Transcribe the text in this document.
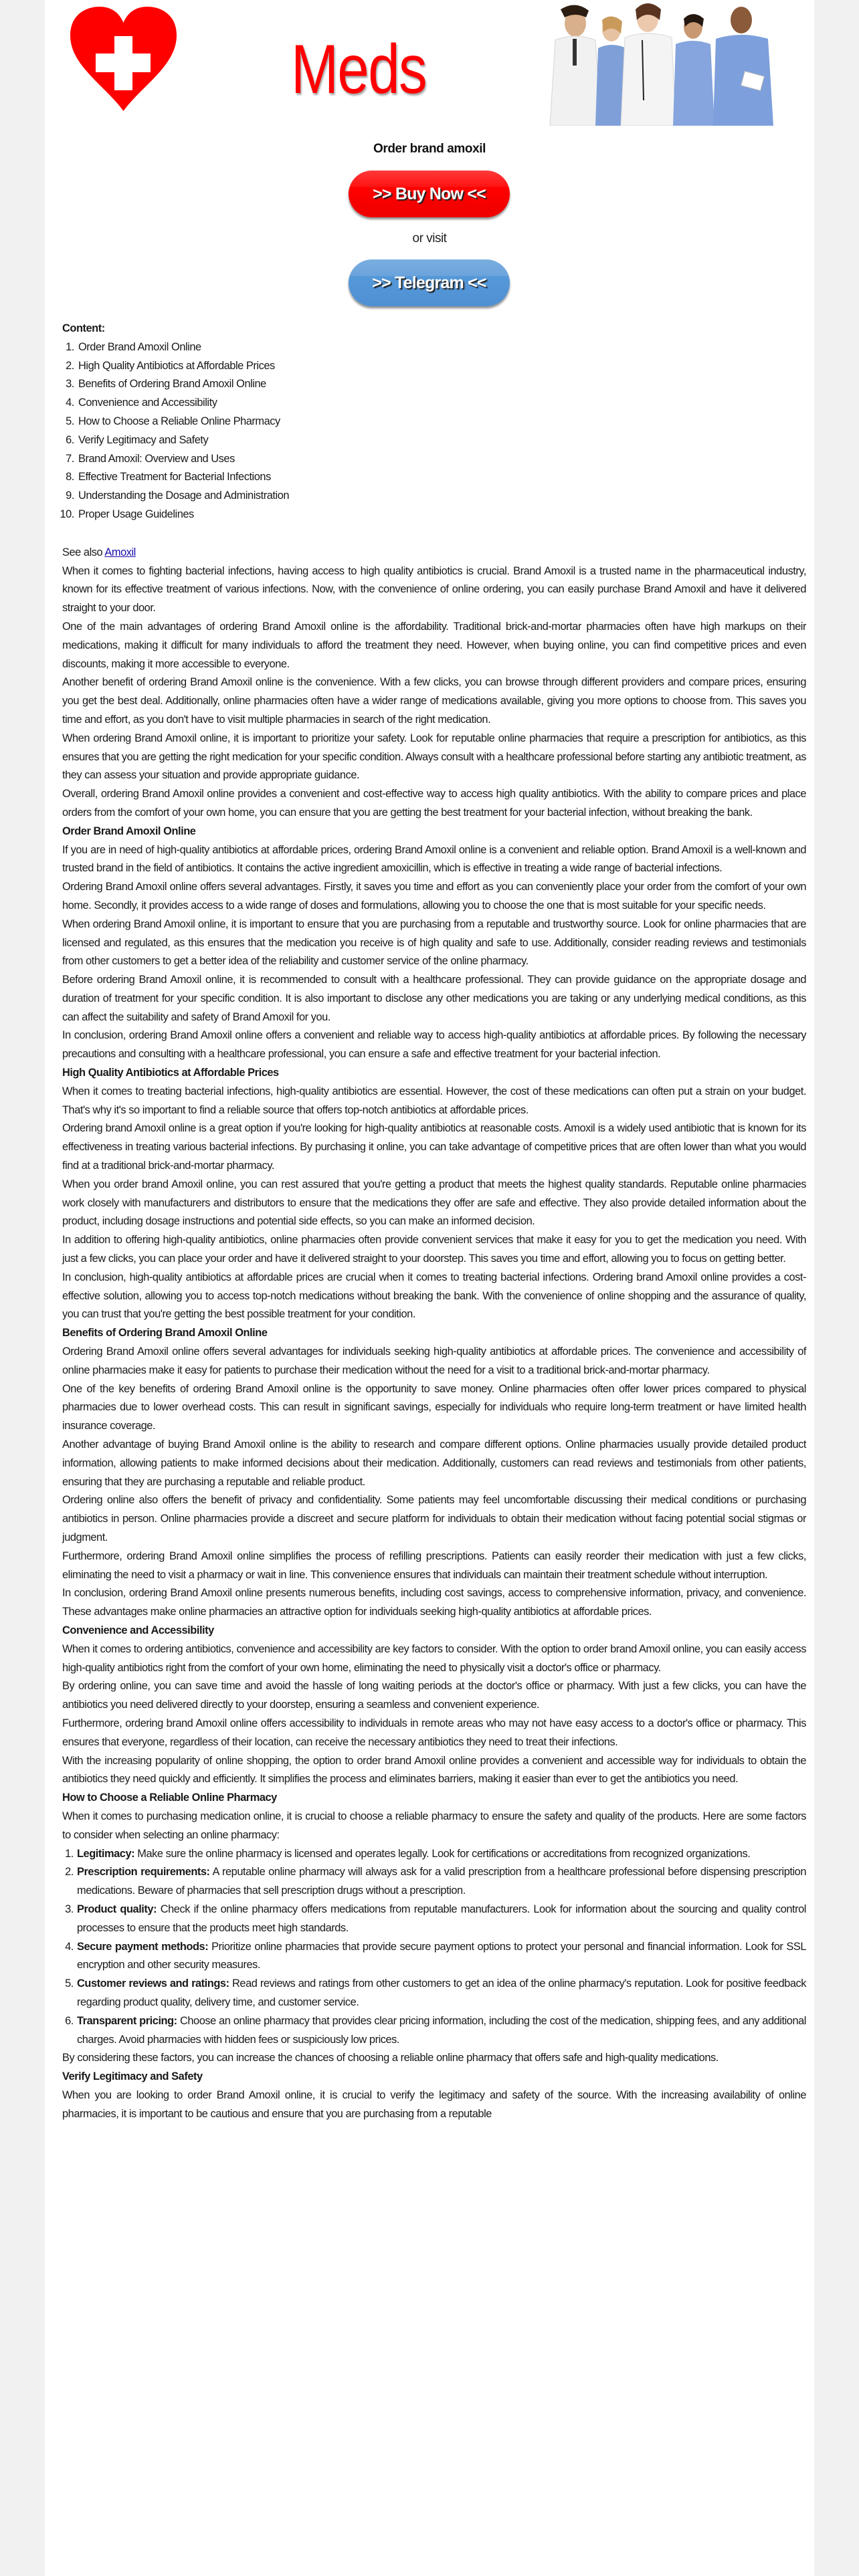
Meds
Order brand amoxil
>> Buy Now <<
or visit
>> Telegram <<

Content:

1. Order Brand Amoxil Online
2. High Quality Antibiotics at Affordable Prices
3. Benefits of Ordering Brand Amoxil Online
4. Convenience and Accessibility
5. How to Choose a Reliable Online Pharmacy
6. Verify Legitimacy and Safety
7. Brand Amoxil: Overview and Uses
8. Effective Treatment for Bacterial Infections
9. Understanding the Dosage and Administration
10. Proper Usage Guidelines

See also Amoxil

When it comes to fighting bacterial infections, having access to high quality antibiotics is crucial. Brand Amoxil is a trusted name in the pharmaceutical industry, known for its effective treatment of various infections. Now, with the convenience of online ordering, you can easily purchase Brand Amoxil and have it delivered straight to your door.

One of the main advantages of ordering Brand Amoxil online is the affordability. Traditional brick-and-mortar pharmacies often have high markups on their medications, making it difficult for many individuals to afford the treatment they need. However, when buying online, you can find competitive prices and even discounts, making it more accessible to everyone.

Another benefit of ordering Brand Amoxil online is the convenience. With a few clicks, you can browse through different providers and compare prices, ensuring you get the best deal. Additionally, online pharmacies often have a wider range of medications available, giving you more options to choose from. This saves you time and effort, as you don't have to visit multiple pharmacies in search of the right medication.

When ordering Brand Amoxil online, it is important to prioritize your safety. Look for reputable online pharmacies that require a prescription for antibiotics, as this ensures that you are getting the right medication for your specific condition. Always consult with a healthcare professional before starting any antibiotic treatment, as they can assess your situation and provide appropriate guidance.

Overall, ordering Brand Amoxil online provides a convenient and cost-effective way to access high quality antibiotics. With the ability to compare prices and place orders from the comfort of your own home, you can ensure that you are getting the best treatment for your bacterial infection, without breaking the bank.

Order Brand Amoxil Online

If you are in need of high-quality antibiotics at affordable prices, ordering Brand Amoxil online is a convenient and reliable option. Brand Amoxil is a well-known and trusted brand in the field of antibiotics. It contains the active ingredient amoxicillin, which is effective in treating a wide range of bacterial infections.

Ordering Brand Amoxil online offers several advantages. Firstly, it saves you time and effort as you can conveniently place your order from the comfort of your own home. Secondly, it provides access to a wide range of doses and formulations, allowing you to choose the one that is most suitable for your specific needs.

When ordering Brand Amoxil online, it is important to ensure that you are purchasing from a reputable and trustworthy source. Look for online pharmacies that are licensed and regulated, as this ensures that the medication you receive is of high quality and safe to use. Additionally, consider reading reviews and testimonials from other customers to get a better idea of the reliability and customer service of the online pharmacy.

Before ordering Brand Amoxil online, it is recommended to consult with a healthcare professional. They can provide guidance on the appropriate dosage and duration of treatment for your specific condition. It is also important to disclose any other medications you are taking or any underlying medical conditions, as this can affect the suitability and safety of Brand Amoxil for you.

In conclusion, ordering Brand Amoxil online offers a convenient and reliable way to access high-quality antibiotics at affordable prices. By following the necessary precautions and consulting with a healthcare professional, you can ensure a safe and effective treatment for your bacterial infection.

High Quality Antibiotics at Affordable Prices

When it comes to treating bacterial infections, high-quality antibiotics are essential. However, the cost of these medications can often put a strain on your budget. That's why it's so important to find a reliable source that offers top-notch antibiotics at affordable prices.

Ordering brand Amoxil online is a great option if you're looking for high-quality antibiotics at reasonable costs. Amoxil is a widely used antibiotic that is known for its effectiveness in treating various bacterial infections. By purchasing it online, you can take advantage of competitive prices that are often lower than what you would find at a traditional brick-and-mortar pharmacy.

When you order brand Amoxil online, you can rest assured that you're getting a product that meets the highest quality standards. Reputable online pharmacies work closely with manufacturers and distributors to ensure that the medications they offer are safe and effective. They also provide detailed information about the product, including dosage instructions and potential side effects, so you can make an informed decision.

In addition to offering high-quality antibiotics, online pharmacies often provide convenient services that make it easy for you to get the medication you need. With just a few clicks, you can place your order and have it delivered straight to your doorstep. This saves you time and effort, allowing you to focus on getting better.

In conclusion, high-quality antibiotics at affordable prices are crucial when it comes to treating bacterial infections. Ordering brand Amoxil online provides a cost-effective solution, allowing you to access top-notch medications without breaking the bank. With the convenience of online shopping and the assurance of quality, you can trust that you're getting the best possible treatment for your condition.

Benefits of Ordering Brand Amoxil Online

Ordering Brand Amoxil online offers several advantages for individuals seeking high-quality antibiotics at affordable prices. The convenience and accessibility of online pharmacies make it easy for patients to purchase their medication without the need for a visit to a traditional brick-and-mortar pharmacy.

One of the key benefits of ordering Brand Amoxil online is the opportunity to save money. Online pharmacies often offer lower prices compared to physical pharmacies due to lower overhead costs. This can result in significant savings, especially for individuals who require long-term treatment or have limited health insurance coverage.

Another advantage of buying Brand Amoxil online is the ability to research and compare different options. Online pharmacies usually provide detailed product information, allowing patients to make informed decisions about their medication. Additionally, customers can read reviews and testimonials from other patients, ensuring that they are purchasing a reputable and reliable product.

Ordering online also offers the benefit of privacy and confidentiality. Some patients may feel uncomfortable discussing their medical conditions or purchasing antibiotics in person. Online pharmacies provide a discreet and secure platform for individuals to obtain their medication without facing potential social stigmas or judgment.

Furthermore, ordering Brand Amoxil online simplifies the process of refilling prescriptions. Patients can easily reorder their medication with just a few clicks, eliminating the need to visit a pharmacy or wait in line. This convenience ensures that individuals can maintain their treatment schedule without interruption.

In conclusion, ordering Brand Amoxil online presents numerous benefits, including cost savings, access to comprehensive information, privacy, and convenience. These advantages make online pharmacies an attractive option for individuals seeking high-quality antibiotics at affordable prices.

Convenience and Accessibility

When it comes to ordering antibiotics, convenience and accessibility are key factors to consider. With the option to order brand Amoxil online, you can easily access high-quality antibiotics right from the comfort of your own home, eliminating the need to physically visit a doctor's office or pharmacy.

By ordering online, you can save time and avoid the hassle of long waiting periods at the doctor's office or pharmacy. With just a few clicks, you can have the antibiotics you need delivered directly to your doorstep, ensuring a seamless and convenient experience.

Furthermore, ordering brand Amoxil online offers accessibility to individuals in remote areas who may not have easy access to a doctor's office or pharmacy. This ensures that everyone, regardless of their location, can receive the necessary antibiotics they need to treat their infections.

With the increasing popularity of online shopping, the option to order brand Amoxil online provides a convenient and accessible way for individuals to obtain the antibiotics they need quickly and efficiently. It simplifies the process and eliminates barriers, making it easier than ever to get the antibiotics you need.

How to Choose a Reliable Online Pharmacy

When it comes to purchasing medication online, it is crucial to choose a reliable pharmacy to ensure the safety and quality of the products. Here are some factors to consider when selecting an online pharmacy:

1. Legitimacy: Make sure the online pharmacy is licensed and operates legally. Look for certifications or accreditations from recognized organizations.
2. Prescription requirements: A reputable online pharmacy will always ask for a valid prescription from a healthcare professional before dispensing prescription medications. Beware of pharmacies that sell prescription drugs without a prescription.
3. Product quality: Check if the online pharmacy offers medications from reputable manufacturers. Look for information about the sourcing and quality control processes to ensure that the products meet high standards.
4. Secure payment methods: Prioritize online pharmacies that provide secure payment options to protect your personal and financial information. Look for SSL encryption and other security measures.
5. Customer reviews and ratings: Read reviews and ratings from other customers to get an idea of the online pharmacy's reputation. Look for positive feedback regarding product quality, delivery time, and customer service.
6. Transparent pricing: Choose an online pharmacy that provides clear pricing information, including the cost of the medication, shipping fees, and any additional charges. Avoid pharmacies with hidden fees or suspiciously low prices.

By considering these factors, you can increase the chances of choosing a reliable online pharmacy that offers safe and high-quality medications.

Verify Legitimacy and Safety

When you are looking to order Brand Amoxil online, it is crucial to verify the legitimacy and safety of the source. With the increasing availability of online pharmacies, it is important to be cautious and ensure that you are purchasing from a reputable
